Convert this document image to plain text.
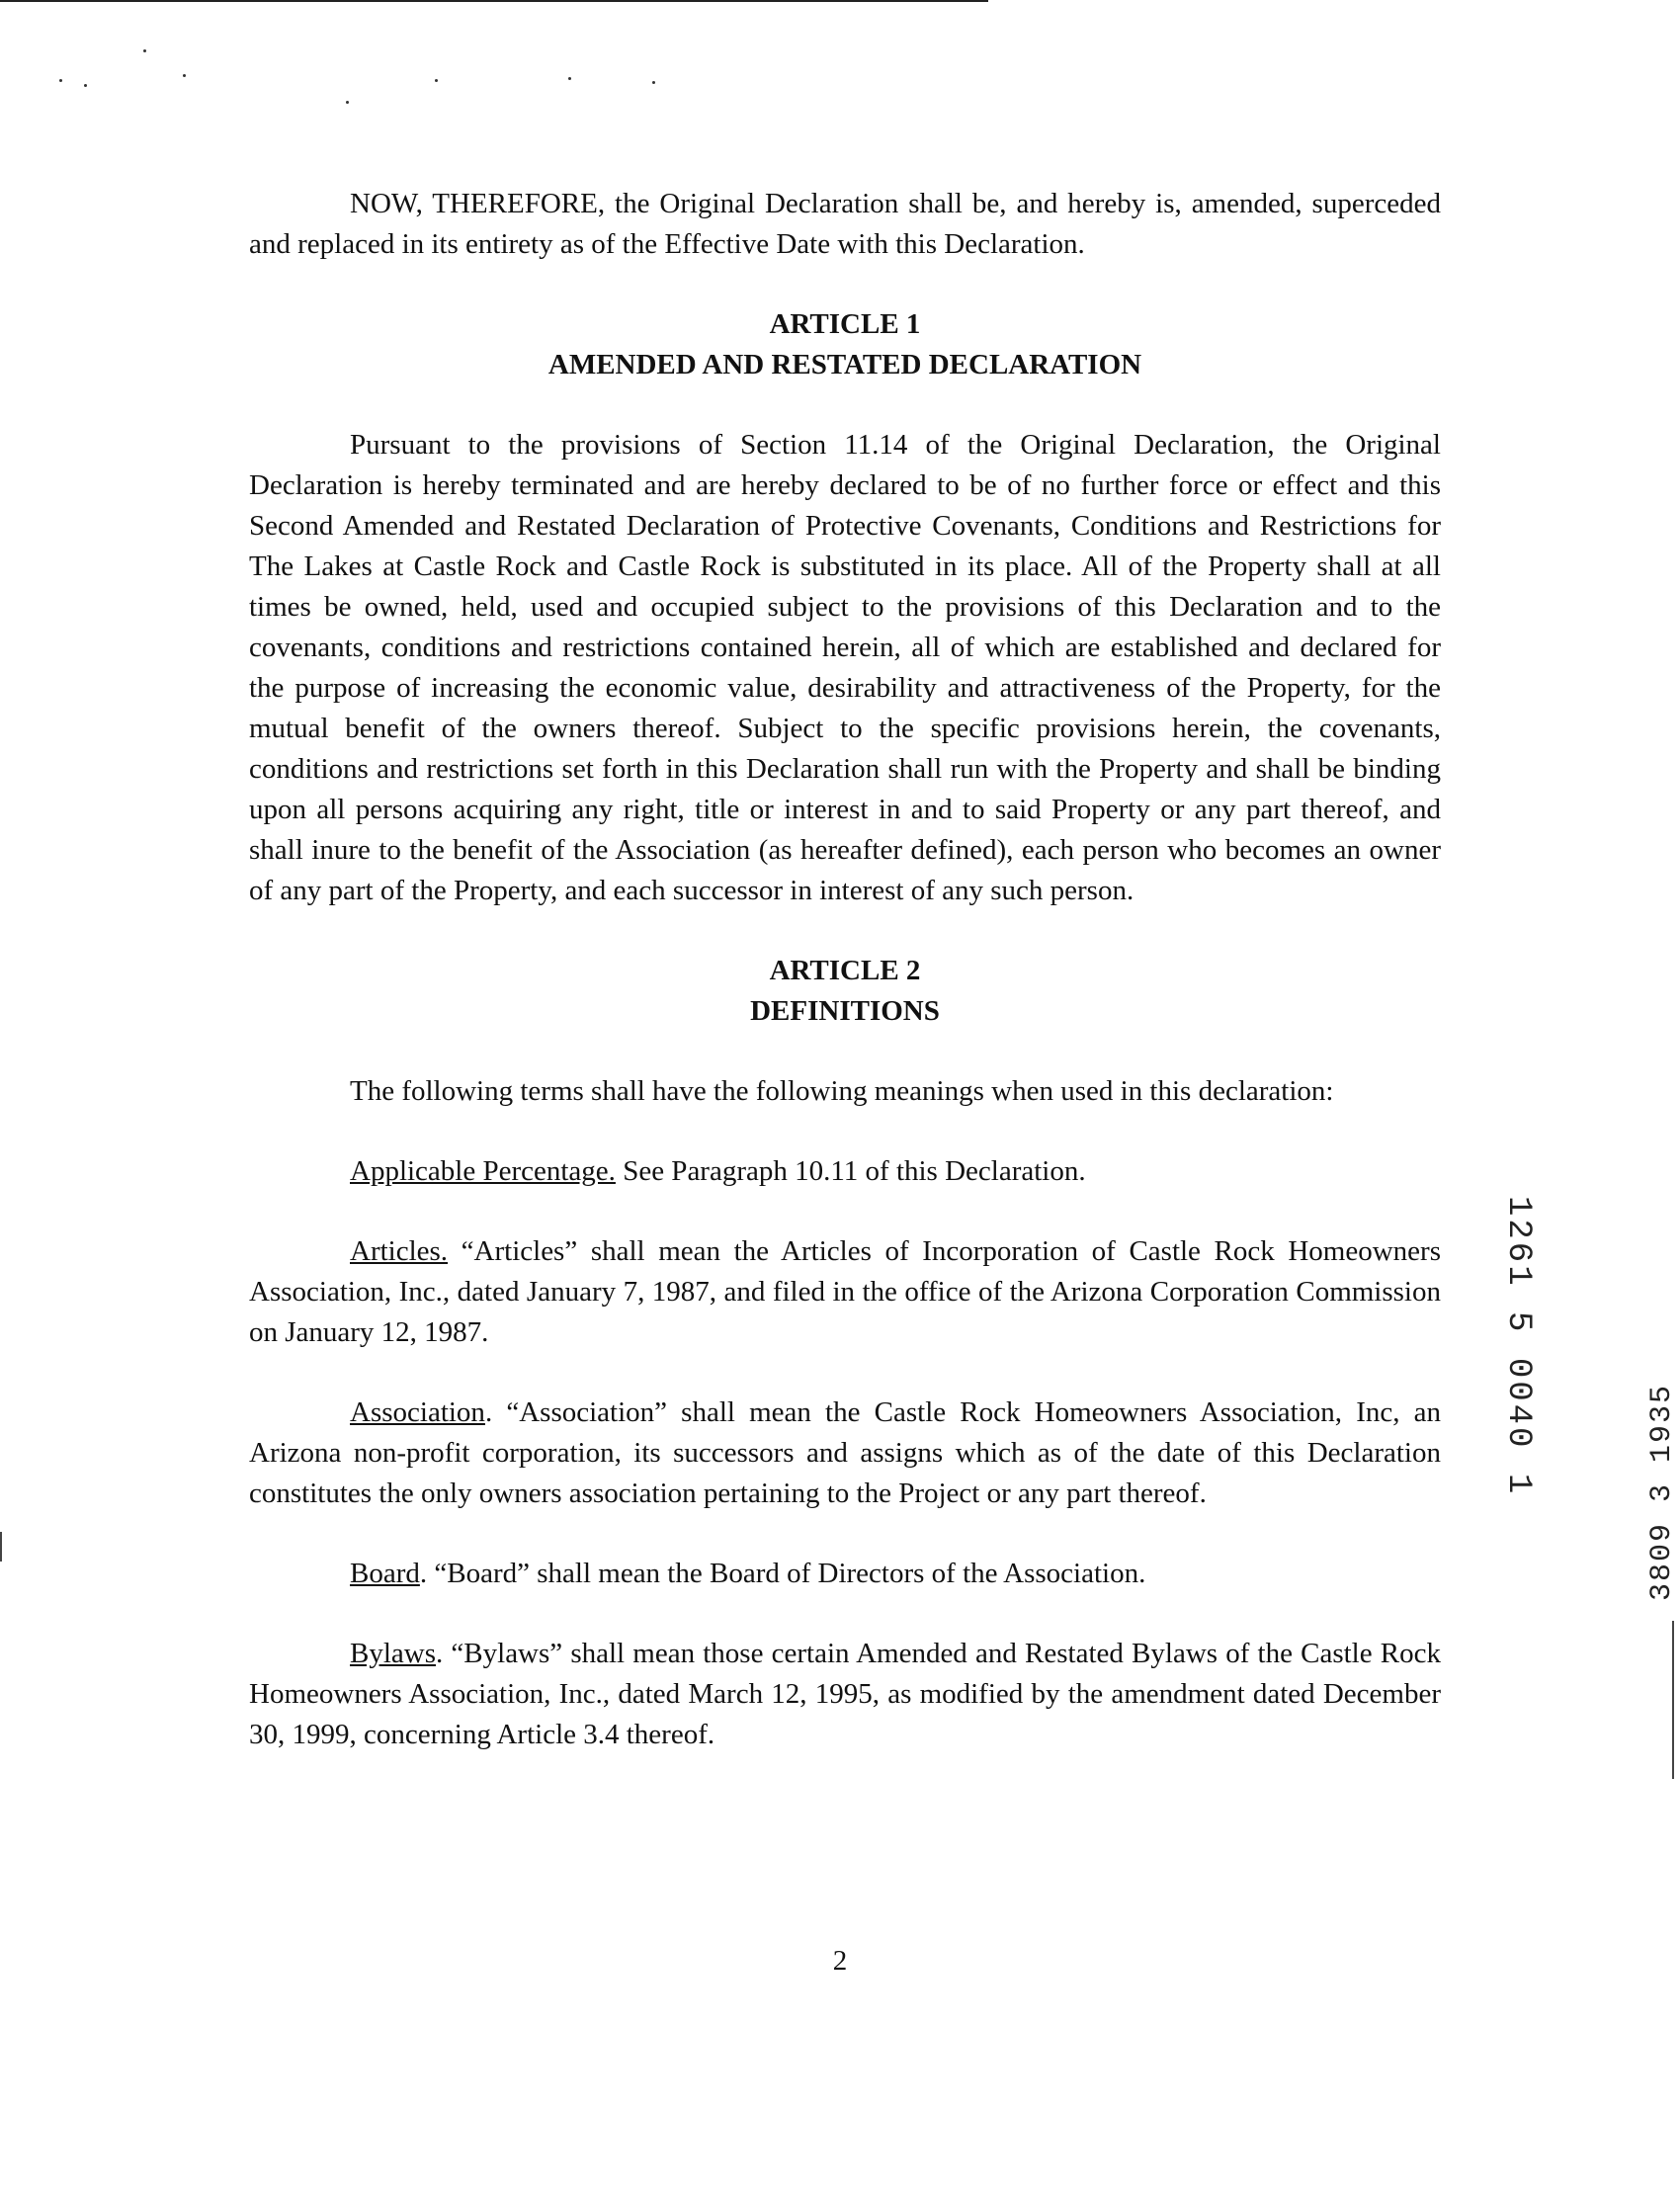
NOW, THEREFORE, the Original Declaration shall be, and hereby is, amended, superceded and replaced in its entirety as of the Effective Date with this Declaration.

ARTICLE 1
AMENDED AND RESTATED DECLARATION

Pursuant to the provisions of Section 11.14 of the Original Declaration, the Original Declaration is hereby terminated and are hereby declared to be of no further force or effect and this Second Amended and Restated Declaration of Protective Covenants, Conditions and Restrictions for The Lakes at Castle Rock and Castle Rock is substituted in its place. All of the Property shall at all times be owned, held, used and occupied subject to the provisions of this Declaration and to the covenants, conditions and restrictions contained herein, all of which are established and declared for the purpose of increasing the economic value, desirability and attractiveness of the Property, for the mutual benefit of the owners thereof. Subject to the specific provisions herein, the covenants, conditions and restrictions set forth in this Declaration shall run with the Property and shall be binding upon all persons acquiring any right, title or interest in and to said Property or any part thereof, and shall inure to the benefit of the Association (as hereafter defined), each person who becomes an owner of any part of the Property, and each successor in interest of any such person.

ARTICLE 2
DEFINITIONS

The following terms shall have the following meanings when used in this declaration:

Applicable Percentage. See Paragraph 10.11 of this Declaration.

Articles. “Articles” shall mean the Articles of Incorporation of Castle Rock Homeowners Association, Inc., dated January 7, 1987, and filed in the office of the Arizona Corporation Commission on January 12, 1987.

Association. “Association” shall mean the Castle Rock Homeowners Association, Inc, an Arizona non-profit corporation, its successors and assigns which as of the date of this Declaration constitutes the only owners association pertaining to the Project or any part thereof.

Board. “Board” shall mean the Board of Directors of the Association.

Bylaws. “Bylaws” shall mean those certain Amended and Restated Bylaws of the Castle Rock Homeowners Association, Inc., dated March 12, 1995, as modified by the amendment dated December 30, 1999, concerning Article 3.4 thereof.

2
1261 5 0040 1	3809 3 1935
